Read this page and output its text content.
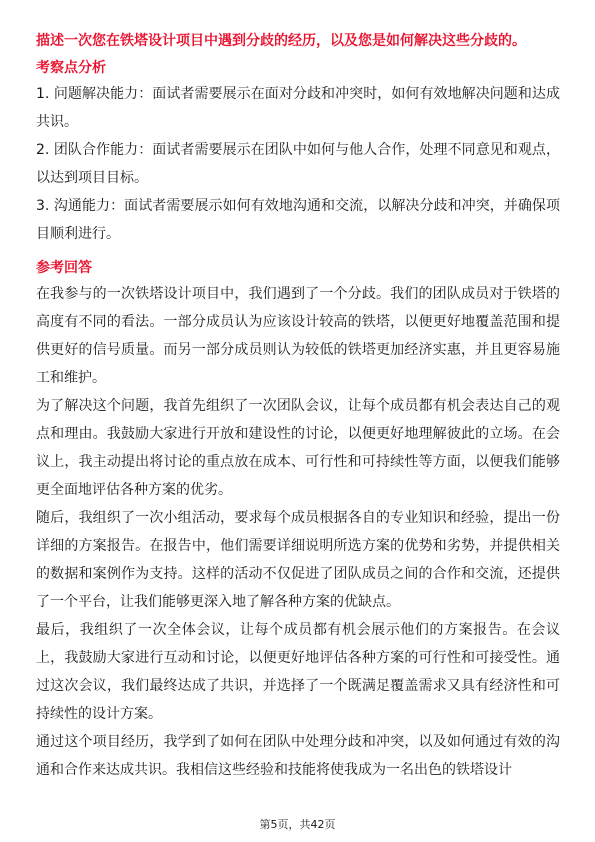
描述一次您在铁塔设计项目中遇到分歧的经历，以及您是如何解决这些分歧的。

考察点分析

1. 问题解决能力：面试者需要展示在面对分歧和冲突时，如何有效地解决问题和达成共识。
2. 团队合作能力：面试者需要展示在团队中如何与他人合作，处理不同意见和观点，以达到项目目标。
3. 沟通能力：面试者需要展示如何有效地沟通和交流，以解决分歧和冲突，并确保项目顺利进行。

参考回答

在我参与的一次铁塔设计项目中，我们遇到了一个分歧。我们的团队成员对于铁塔的高度有不同的看法。一部分成员认为应该设计较高的铁塔，以便更好地覆盖范围和提供更好的信号质量。而另一部分成员则认为较低的铁塔更加经济实惠，并且更容易施工和维护。

为了解决这个问题，我首先组织了一次团队会议，让每个成员都有机会表达自己的观点和理由。我鼓励大家进行开放和建设性的讨论，以便更好地理解彼此的立场。在会议上，我主动提出将讨论的重点放在成本、可行性和可持续性等方面，以便我们能够更全面地评估各种方案的优劣。

随后，我组织了一次小组活动，要求每个成员根据各自的专业知识和经验，提出一份详细的方案报告。在报告中，他们需要详细说明所选方案的优势和劣势，并提供相关的数据和案例作为支持。这样的活动不仅促进了团队成员之间的合作和交流，还提供了一个平台，让我们能够更深入地了解各种方案的优缺点。

最后，我组织了一次全体会议，让每个成员都有机会展示他们的方案报告。在会议上，我鼓励大家进行互动和讨论，以便更好地评估各种方案的可行性和可接受性。通过这次会议，我们最终达成了共识，并选择了一个既满足覆盖需求又具有经济性和可持续性的设计方案。

通过这个项目经历，我学到了如何在团队中处理分歧和冲突，以及如何通过有效的沟通和合作来达成共识。我相信这些经验和技能将使我成为一名出色的铁塔设计

第5页，共42页
